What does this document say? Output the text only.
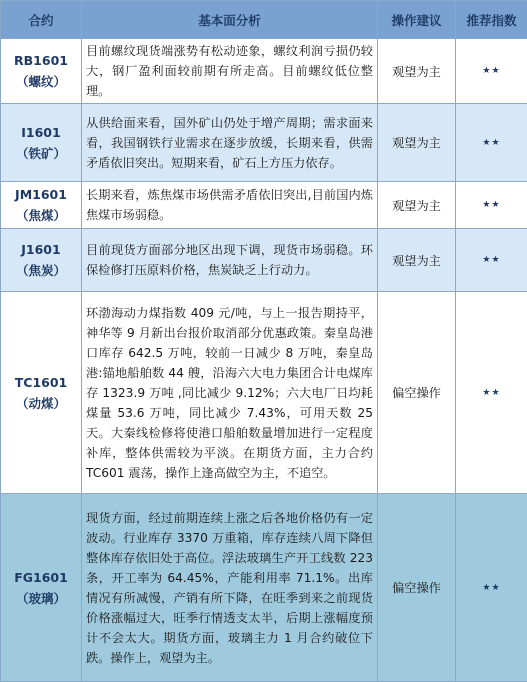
合约	基本面分析	操作建议	推荐指数

RB1601
（螺纹）	目前螺纹现货端涨势有松动迹象，螺纹利润亏损仍较大，钢厂盈利面较前期有所走高。目前螺纹低位整理。	观望为主	★★

I1601
（铁矿）	从供给面来看，国外矿山仍处于增产周期；需求面来看，我国钢铁行业需求在逐步放缓，长期来看，供需矛盾依旧突出。短期来看，矿石上方压力依存。	观望为主	★★

JM1601
（焦煤）	长期来看，炼焦煤市场供需矛盾依旧突出,目前国内炼焦煤市场弱稳。	观望为主	★★

J1601
（焦炭）	目前现货方面部分地区出现下调，现货市场弱稳。环保检修打压原料价格，焦炭缺乏上行动力。	观望为主	★★

TC1601
（动煤）	环渤海动力煤指数 409 元/吨，与上一报告期持平，神华等 9 月新出台报价取消部分优惠政策。秦皇岛港口库存 642.5 万吨，较前一日减少 8 万吨，秦皇岛港:锚地船舶数 44 艘，沿海六大电力集团合计电煤库存 1323.9 万吨 ,同比减少 9.12%；六大电厂日均耗煤量 53.6 万吨，同比减少 7.43%，可用天数 25 天。大秦线检修将使港口船舶数量增加进行一定程度补库，整体供需较为平淡。在期货方面，主力合约TC601 震荡，操作上逢高做空为主，不追空。	偏空操作	★★

FG1601
（玻璃）	现货方面，经过前期连续上涨之后各地价格仍有一定波动。行业库存 3370 万重箱，库存连续八周下降但整体库存依旧处于高位。浮法玻璃生产开工线数 223 条，开工率为 64.45%，产能利用率 71.1%。出库情况有所减慢，产销有所下降，在旺季到来之前现货价格涨幅过大，旺季行情透支太半，后期上涨幅度预计不会太大。期货方面，玻璃主力 1 月合约破位下跌。操作上，观望为主。	偏空操作	★★
